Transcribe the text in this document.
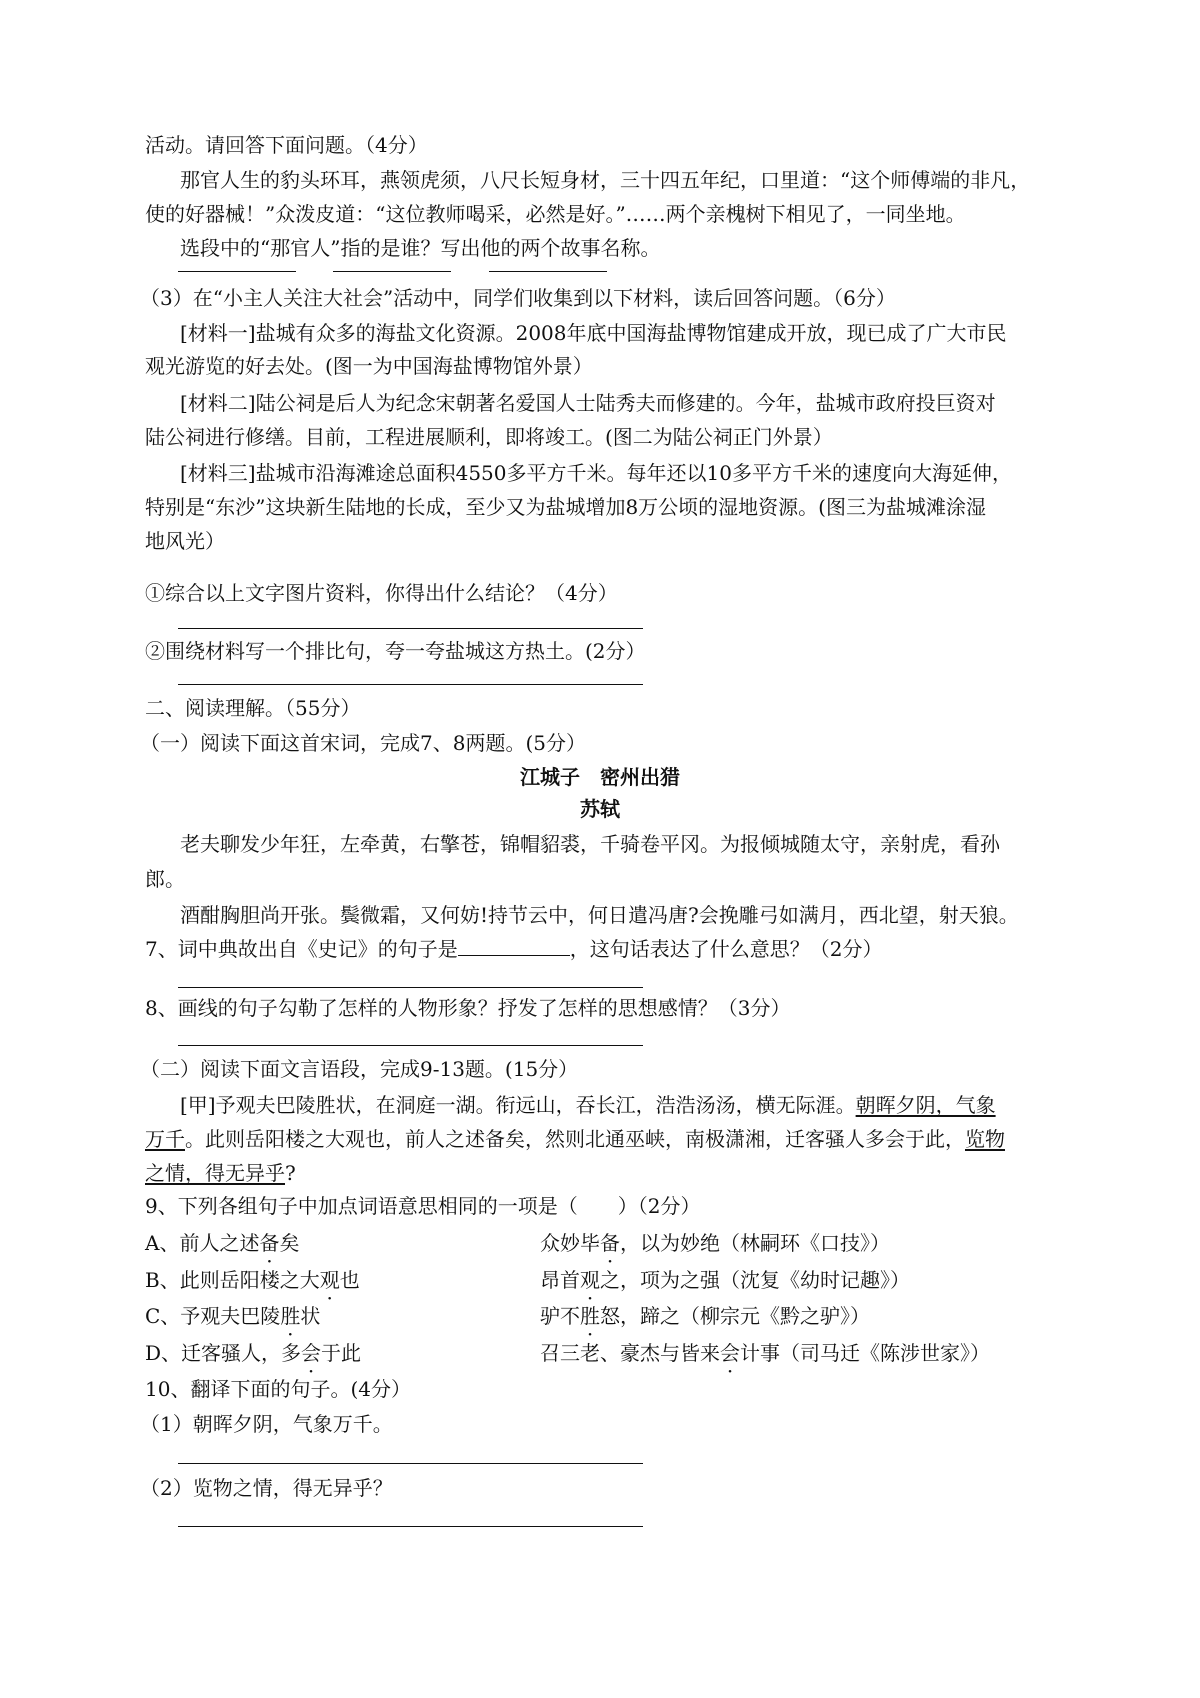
活动。请回答下面问题。（4分）
那官人生的豹头环耳，燕领虎须，八尺长短身材，三十四五年纪，口里道：“这个师傅端的非凡，
使的好器械！”众泼皮道：“这位教师喝采，必然是好。”……两个亲槐树下相见了，一同坐地。
选段中的“那官人”指的是谁？写出他的两个故事名称。
（3）在“小主人关注大社会”活动中，同学们收集到以下材料，读后回答问题。（6分）
[材料一]盐城有众多的海盐文化资源。2008年底中国海盐博物馆建成开放，现已成了广大市民
观光游览的好去处。(图一为中国海盐博物馆外景）
[材料二]陆公祠是后人为纪念宋朝著名爱国人士陆秀夫而修建的。今年，盐城市政府投巨资对
陆公祠进行修缮。目前，工程进展顺利，即将竣工。(图二为陆公祠正门外景）
[材料三]盐城市沿海滩途总面积4550多平方千米。每年还以10多平方千米的速度向大海延伸，
特别是“东沙”这块新生陆地的长成，至少又为盐城增加8万公顷的湿地资源。(图三为盐城滩涂湿
地风光）
①综合以上文字图片资料，你得出什么结论？（4分）
②围绕材料写一个排比句，夸一夸盐城这方热土。(2分）
二、阅读理解。（55分）
（一）阅读下面这首宋词，完成7、8两题。(5分）
江城子　密州出猎
苏轼
老夫聊发少年狂，左牵黄，右擎苍，锦帽貂裘，千骑卷平冈。为报倾城随太守，亲射虎，看孙
郎。
酒酣胸胆尚开张。鬓微霜，又何妨!持节云中，何日遣冯唐?会挽雕弓如满月，西北望，射天狼。
7、词中典故出自《史记》的句子是	，这句话表达了什么意思？（2分）
8、画线的句子勾勒了怎样的人物形象？抒发了怎样的思想感情？（3分）
（二）阅读下面文言语段，完成9-13题。(15分）
[甲]予观夫巴陵胜状，在洞庭一湖。衔远山，吞长江，浩浩汤汤，横无际涯。朝晖夕阴，气象
万千。此则岳阳楼之大观也，前人之述备矣，然则北通巫峡，南极潇湘，迁客骚人多会于此，览物
之情，得无异乎?
9、下列各组句子中加点词语意思相同的一项是（　　）（2分）
A、前人之述备矣	众妙毕备，以为妙绝（林嗣环《口技》）
B、此则岳阳楼之大观也	昂首观之，项为之强（沈复《幼时记趣》）
C、予观夫巴陵胜状	驴不胜怒，蹄之（柳宗元《黔之驴》）
D、迁客骚人，多会于此	召三老、豪杰与皆来会计事（司马迁《陈涉世家》）
10、翻译下面的句子。(4分）
（1）朝晖夕阴，气象万千。
（2）览物之情，得无异乎？
